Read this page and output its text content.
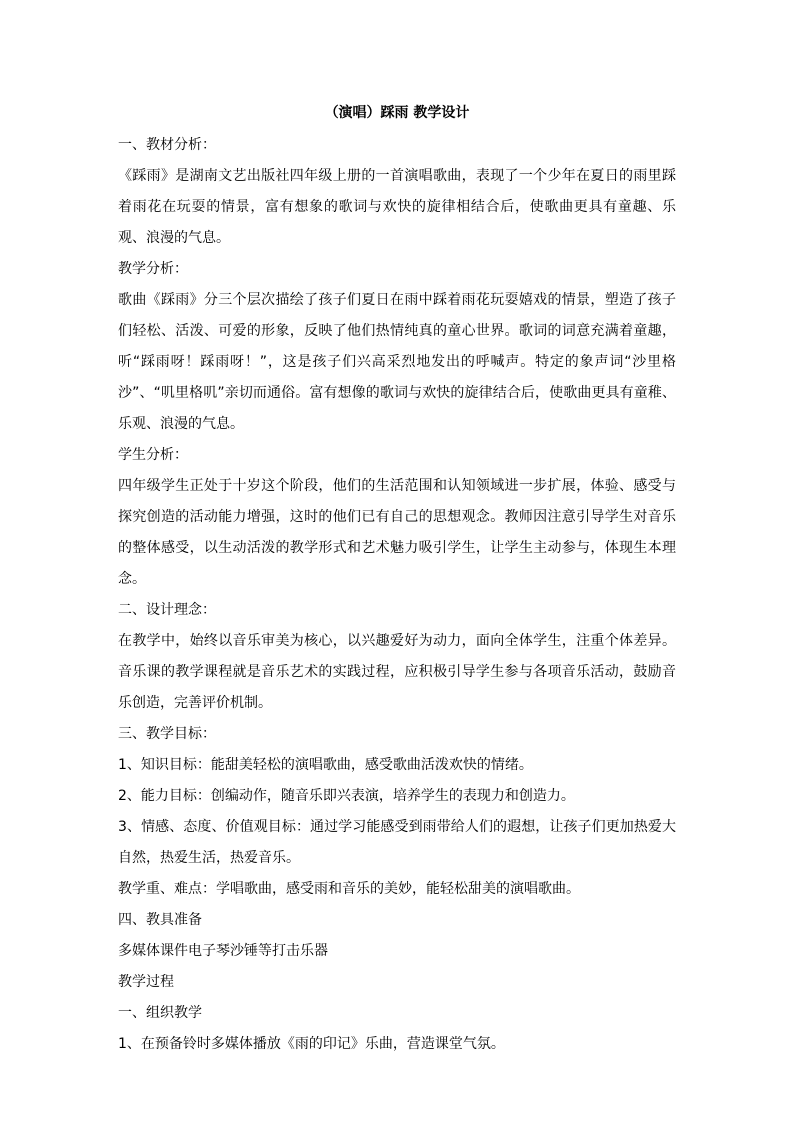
（演唱）踩雨 教学设计

一、教材分析：

《踩雨》是湖南文艺出版社四年级上册的一首演唱歌曲，表现了一个少年在夏日的雨里踩着雨花在玩耍的情景，富有想象的歌词与欢快的旋律相结合后，使歌曲更具有童趣、乐观、浪漫的气息。

教学分析：

歌曲《踩雨》分三个层次描绘了孩子们夏日在雨中踩着雨花玩耍嬉戏的情景，塑造了孩子们轻松、活泼、可爱的形象，反映了他们热情纯真的童心世界。歌词的词意充满着童趣，听“踩雨呀！踩雨呀！”，这是孩子们兴高采烈地发出的呼喊声。特定的象声词“沙里格沙”、“叽里格叽”亲切而通俗。富有想像的歌词与欢快的旋律结合后，使歌曲更具有童稚、乐观、浪漫的气息。

学生分析：

四年级学生正处于十岁这个阶段，他们的生活范围和认知领域进一步扩展，体验、感受与探究创造的活动能力增强，这时的他们已有自己的思想观念。教师因注意引导学生对音乐的整体感受，以生动活泼的教学形式和艺术魅力吸引学生，让学生主动参与，体现生本理念。

二、设计理念：

在教学中，始终以音乐审美为核心，以兴趣爱好为动力，面向全体学生，注重个体差异。音乐课的教学课程就是音乐艺术的实践过程，应积极引导学生参与各项音乐活动，鼓励音乐创造，完善评价机制。

三、教学目标：

1、知识目标：能甜美轻松的演唱歌曲，感受歌曲活泼欢快的情绪。

2、能力目标：创编动作，随音乐即兴表演，培养学生的表现力和创造力。

3、情感、态度、价值观目标：通过学习能感受到雨带给人们的遐想，让孩子们更加热爱大自然，热爱生活，热爱音乐。

教学重、难点：学唱歌曲，感受雨和音乐的美妙，能轻松甜美的演唱歌曲。

四、教具准备

多媒体课件电子琴沙锤等打击乐器

教学过程

一、组织教学

1、在预备铃时多媒体播放《雨的印记》乐曲，营造课堂气氛。
